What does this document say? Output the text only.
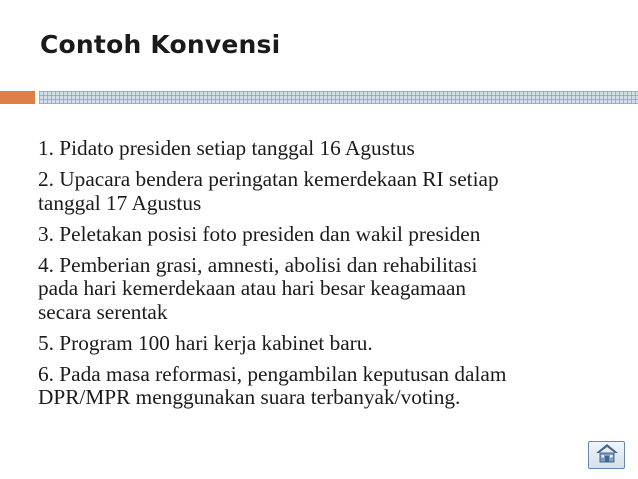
Contoh Konvensi
1. Pidato presiden setiap tanggal 16 Agustus
2. Upacara bendera peringatan kemerdekaan RI setiap
tanggal 17 Agustus
3. Peletakan posisi foto presiden dan wakil presiden
4. Pemberian grasi, amnesti, abolisi dan rehabilitasi
pada hari kemerdekaan atau hari besar keagamaan
secara serentak
5. Program 100 hari kerja kabinet baru.
6. Pada masa reformasi, pengambilan keputusan dalam
DPR/MPR menggunakan suara terbanyak/voting.
